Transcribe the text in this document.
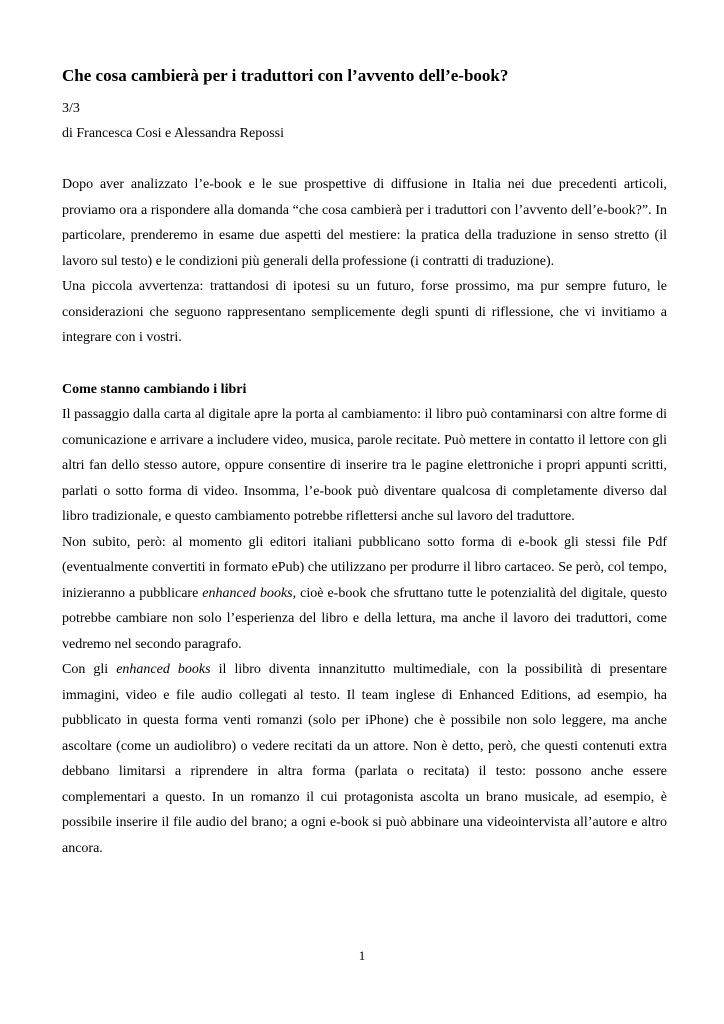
Che cosa cambierà per i traduttori con l’avvento dell’e-book?

3/3

di Francesca Cosi e Alessandra Repossi

Dopo aver analizzato l’e-book e le sue prospettive di diffusione in Italia nei due precedenti articoli, proviamo ora a rispondere alla domanda “che cosa cambierà per i traduttori con l’avvento dell’e-book?”. In particolare, prenderemo in esame due aspetti del mestiere: la pratica della traduzione in senso stretto (il lavoro sul testo) e le condizioni più generali della professione (i contratti di traduzione).

Una piccola avvertenza: trattandosi di ipotesi su un futuro, forse prossimo, ma pur sempre futuro, le considerazioni che seguono rappresentano semplicemente degli spunti di riflessione, che vi invitiamo a integrare con i vostri.

Come stanno cambiando i libri

Il passaggio dalla carta al digitale apre la porta al cambiamento: il libro può contaminarsi con altre forme di comunicazione e arrivare a includere video, musica, parole recitate. Può mettere in contatto il lettore con gli altri fan dello stesso autore, oppure consentire di inserire tra le pagine elettroniche i propri appunti scritti, parlati o sotto forma di video. Insomma, l’e-book può diventare qualcosa di completamente diverso dal libro tradizionale, e questo cambiamento potrebbe riflettersi anche sul lavoro del traduttore.

Non subito, però: al momento gli editori italiani pubblicano sotto forma di e-book gli stessi file Pdf (eventualmente convertiti in formato ePub) che utilizzano per produrre il libro cartaceo. Se però, col tempo, inizieranno a pubblicare enhanced books, cioè e-book che sfruttano tutte le potenzialità del digitale, questo potrebbe cambiare non solo l’esperienza del libro e della lettura, ma anche il lavoro dei traduttori, come vedremo nel secondo paragrafo.

Con gli enhanced books il libro diventa innanzitutto multimediale, con la possibilità di presentare immagini, video e file audio collegati al testo. Il team inglese di Enhanced Editions, ad esempio, ha pubblicato in questa forma venti romanzi (solo per iPhone) che è possibile non solo leggere, ma anche ascoltare (come un audiolibro) o vedere recitati da un attore. Non è detto, però, che questi contenuti extra debbano limitarsi a riprendere in altra forma (parlata o recitata) il testo: possono anche essere complementari a questo. In un romanzo il cui protagonista ascolta un brano musicale, ad esempio, è possibile inserire il file audio del brano; a ogni e-book si può abbinare una videointervista all’autore e altro ancora.

1
